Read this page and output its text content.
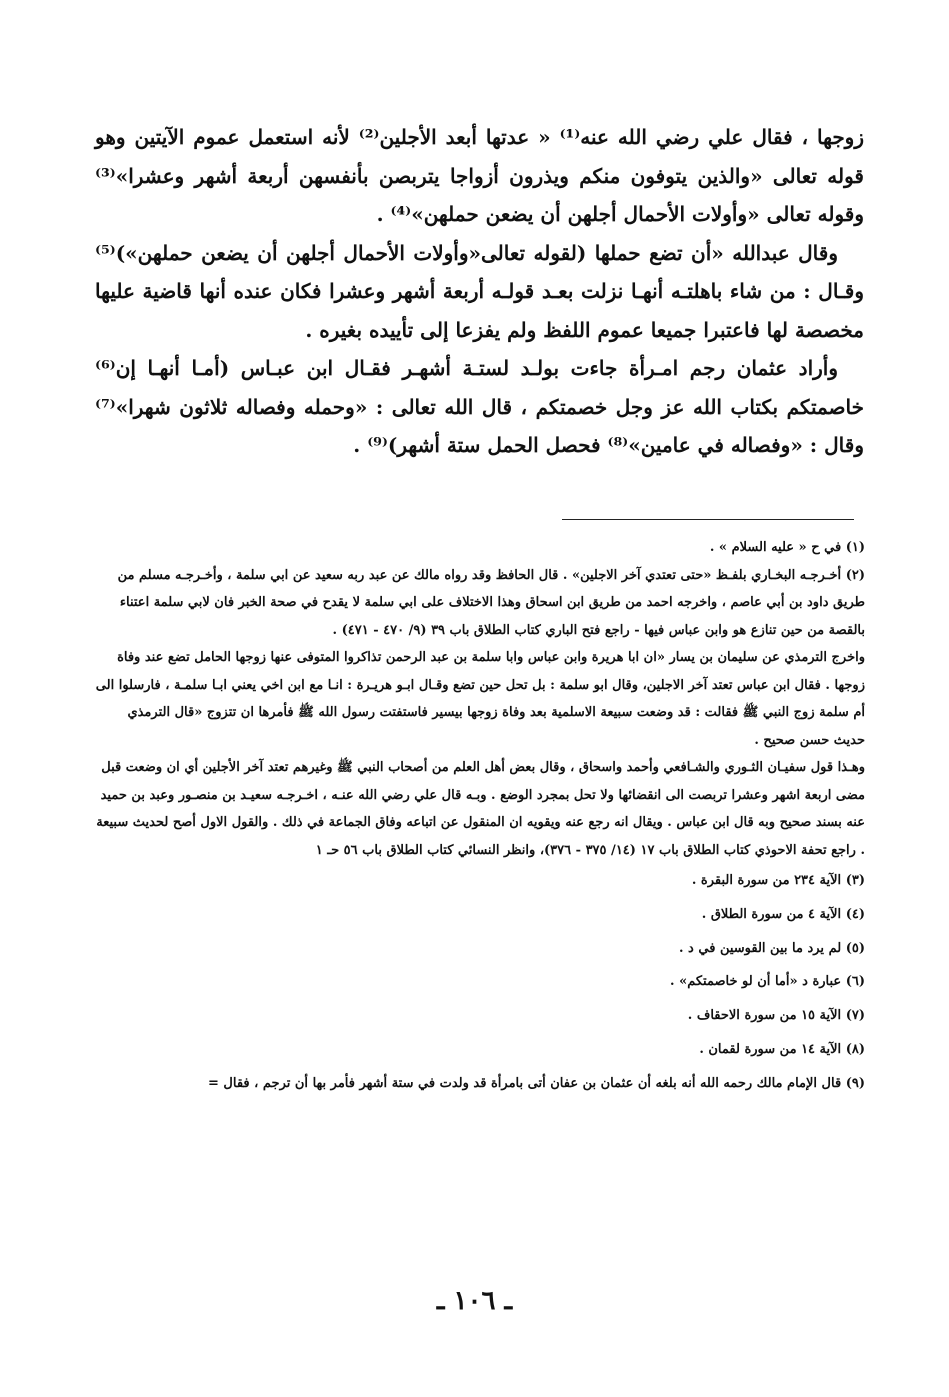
زوجها ، فقال علي رضي الله عنه⁽¹⁾ « عدتها أبعد الأجلين⁽²⁾ لأنه استعمل عموم الآيتين وهو قوله تعالى «والذين يتوفون منكم ويذرون أزواجا يتربصن بأنفسهن أربعة أشهر وعشرا»⁽³⁾ وقوله تعالى «وأولات الأحمال أجلهن أن يضعن حملهن»⁽⁴⁾ .

وقال عبدالله «أن تضع حملها (لقوله تعالى«وأولات الأحمال أجلهن أن يضعن حملهن»)⁽⁵⁾ وقـال : من شاء باهلتـه أنهـا نزلت بعـد قولـه أربعة أشهر وعشرا فكان عنده أنها قاضية عليها مخصصة لها فاعتبرا جميعا عموم اللفظ ولم يفزعا إلى تأييده بغيره .

وأراد عثمان رجم امـرأة جاءت بولـد لستـة أشهـر فقـال ابن عبـاس (أمـا أنهـا إن⁽⁶⁾ خاصمتكم بكتاب الله عز وجل خصمتكم ، قال الله تعالى : «وحمله وفصاله ثلاثون شهرا»⁽⁷⁾ وقال : «وفصاله في عامين»⁽⁸⁾ فحصل الحمل ستة أشهر)⁽⁹⁾ .

(١) في ح « عليه السلام » .

(٢) أخـرجـه البخـاري بلفـظ «حتى تعتدي آخر الاجلين» . قال الحافظ وقد رواه مالك عن عبد ربه سعيد عن ابي سلمة ، وأخـرجـه مسلم من طريق داود بن أبي عاصم ، واخرجه احمد من طريق ابن اسحاق وهذا الاختلاف على ابي سلمة لا يقدح في صحة الخبر فان لابي سلمة اعتناء بالقصة من حين تنازع هو وابن عباس فيها - راجع فتح الباري كتاب الطلاق باب ٣٩ (٩/ ٤٧٠ - ٤٧١) .

واخرج الترمذي عن سليمان بن يسار «ان ابا هريرة وابن عباس وابا سلمة بن عبد الرحمن تذاكروا المتوفى عنها زوجها الحامل تضع عند وفاة زوجها . فقال ابن عباس تعتد آخر الاجلين، وقال ابو سلمة : بل تحل حين تضع وقـال ابـو هريـرة : انـا مع ابن اخي يعني ابـا سلمـة ، فارسلوا الى أم سلمة زوج النبي ﷺ فقالت : قد وضعت سبيعة الاسلمية بعد وفاة زوجها بيسير فاستفتت رسول الله ﷺ فأمرها ان تتزوج «قال الترمذي حديث حسن صحيح .

وهـذا قول سفيـان الثـوري والشـافعي وأحمد واسحاق ، وقال بعض أهل العلم من أصحاب النبي ﷺ وغيرهم تعتد آخر الأجلين أي ان وضعت قبل مضى اربعة اشهر وعشرا تربصت الى انقضائها ولا تحل بمجرد الوضع . وبـه قال علي رضي الله عنـه ، اخـرجـه سعيـد بن منصـور وعبد بن حميد عنه بسند صحيح وبه قال ابن عباس . ويقال انه رجع عنه ويقويه ان المنقول عن اتباعه وفاق الجماعة في ذلك . والقول الاول أصح لحديث سبيعة . راجع تحفة الاحوذي كتاب الطلاق باب ١٧ (١٤/ ٣٧٥ - ٣٧٦)، وانظر النسائي كتاب الطلاق باب ٥٦ حـ ١

(٣) الآية ٢٣٤ من سورة البقرة .

(٤) الآية ٤ من سورة الطلاق .

(٥) لم يرد ما بين القوسين في د .

(٦) عبارة د «أما أن لو خاصمتكم» .

(٧) الآية ١٥ من سورة الاحقاف .

(٨) الآية ١٤ من سورة لقمان .

(٩) قال الإمام مالك رحمه الله أنه بلغه أن عثمان بن عفان أتى بامرأة قد ولدت في ستة أشهر فأمر بها أن ترجم ، فقال =

ـ ١٠٦ ـ
